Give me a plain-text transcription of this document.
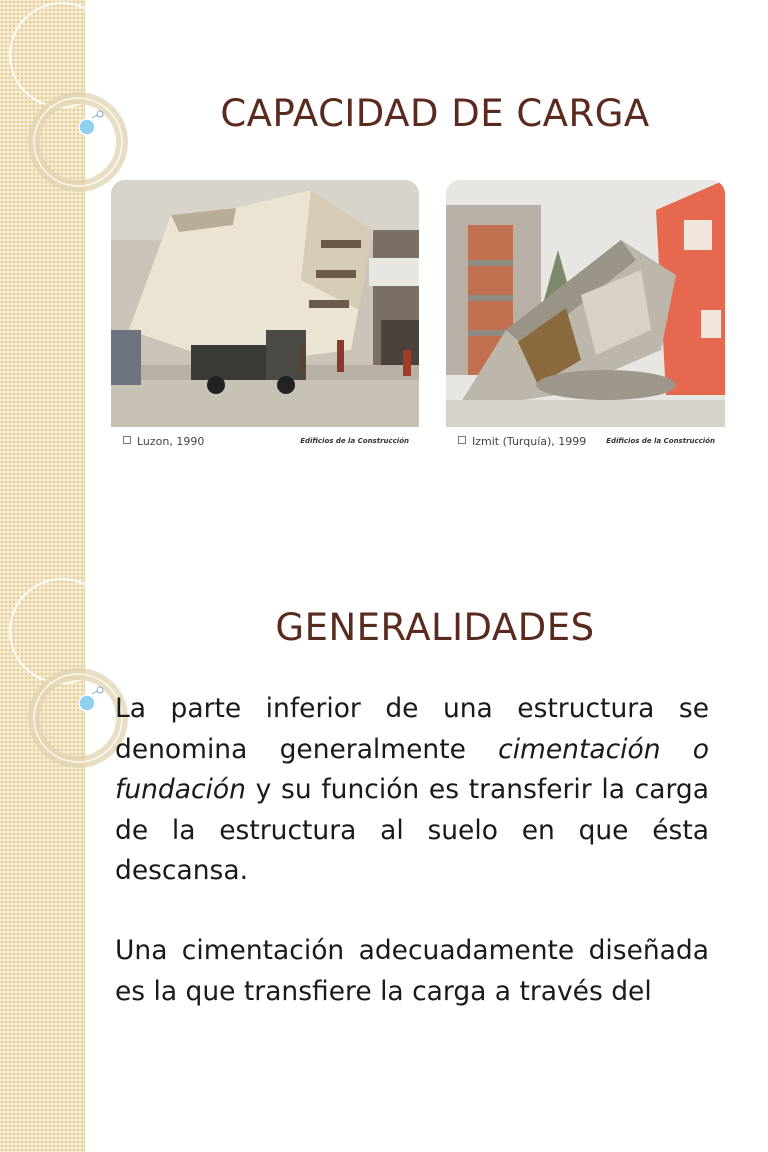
CAPACIDAD DE CARGA
Luzon, 1990	Edificios de la Construcción	Izmit (Turquía), 1999	Edificios de la Construcción
GENERALIDADES

La parte inferior de una estructura se denomina generalmente cimentación o fundación y su función es transferir la carga de la estructura al suelo en que ésta descansa.

Una cimentación adecuadamente diseñada es la que transfiere la carga a través del
